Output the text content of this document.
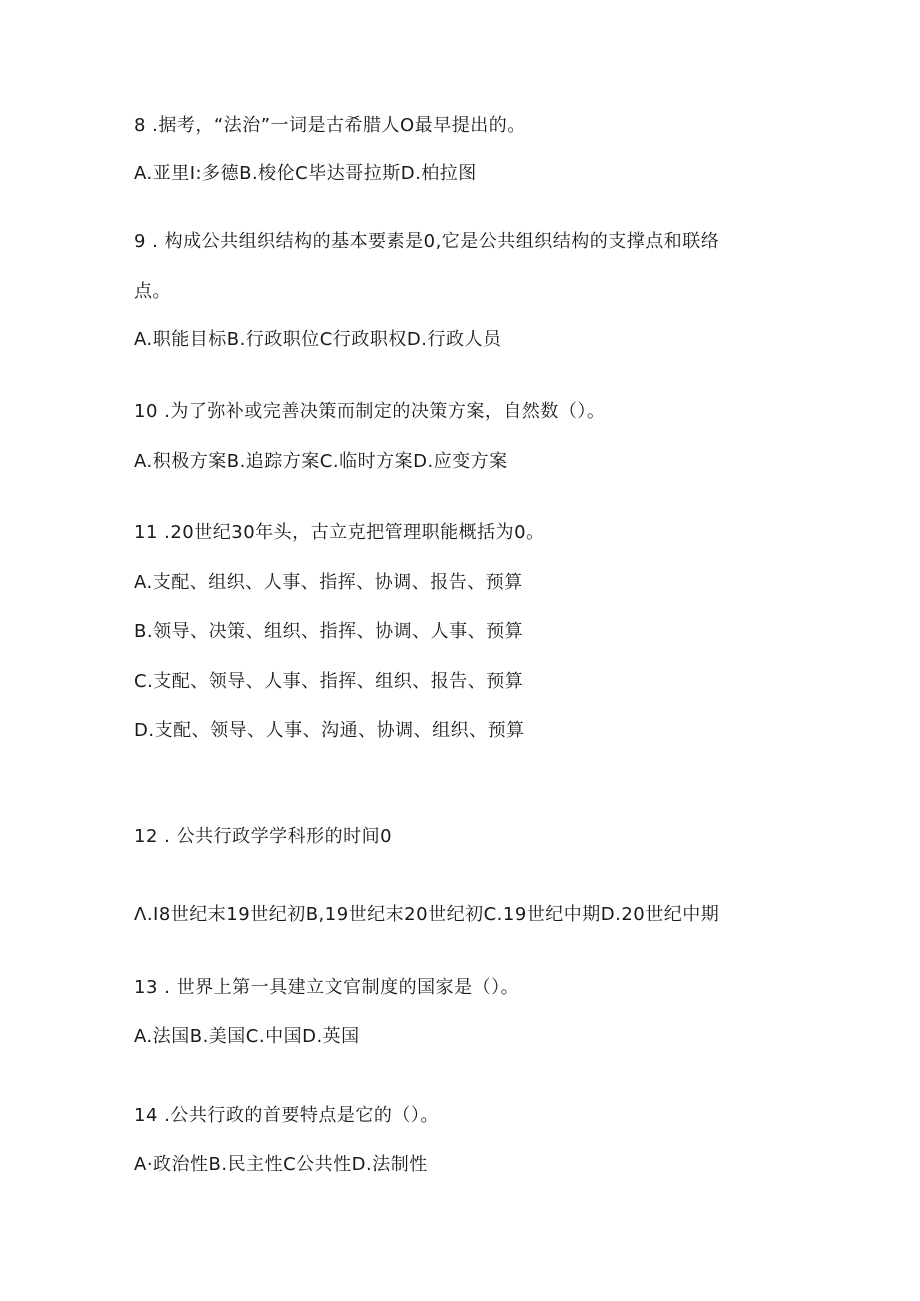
8 .据考，“法治”一词是古希腊人O最早提出的。
A.亚里I:多德B.梭伦C毕达哥拉斯D.柏拉图
9 . 构成公共组织结构的基本要素是0,它是公共组织结构的支撑点和联络
点。
A.职能目标B.行政职位C行政职权D.行政人员
10 .为了弥补或完善决策而制定的决策方案，自然数（）。
A.积极方案B.追踪方案C.临时方案D.应变方案
11 .20世纪30年头，古立克把管理职能概括为0。
A.支配、组织、人事、指挥、协调、报告、预算
B.领导、决策、组织、指挥、协调、人事、预算
C.支配、领导、人事、指挥、组织、报告、预算
D.支配、领导、人事、沟通、协调、组织、预算
12 . 公共行政学学科形的时间0
Λ.I8世纪末19世纪初B,19世纪末20世纪初C.19世纪中期D.20世纪中期
13 . 世界上第一具建立文官制度的国家是（）。
A.法国B.美国C.中国D.英国
14 .公共行政的首要特点是它的（）。
A·政治性B.民主性C公共性D.法制性
